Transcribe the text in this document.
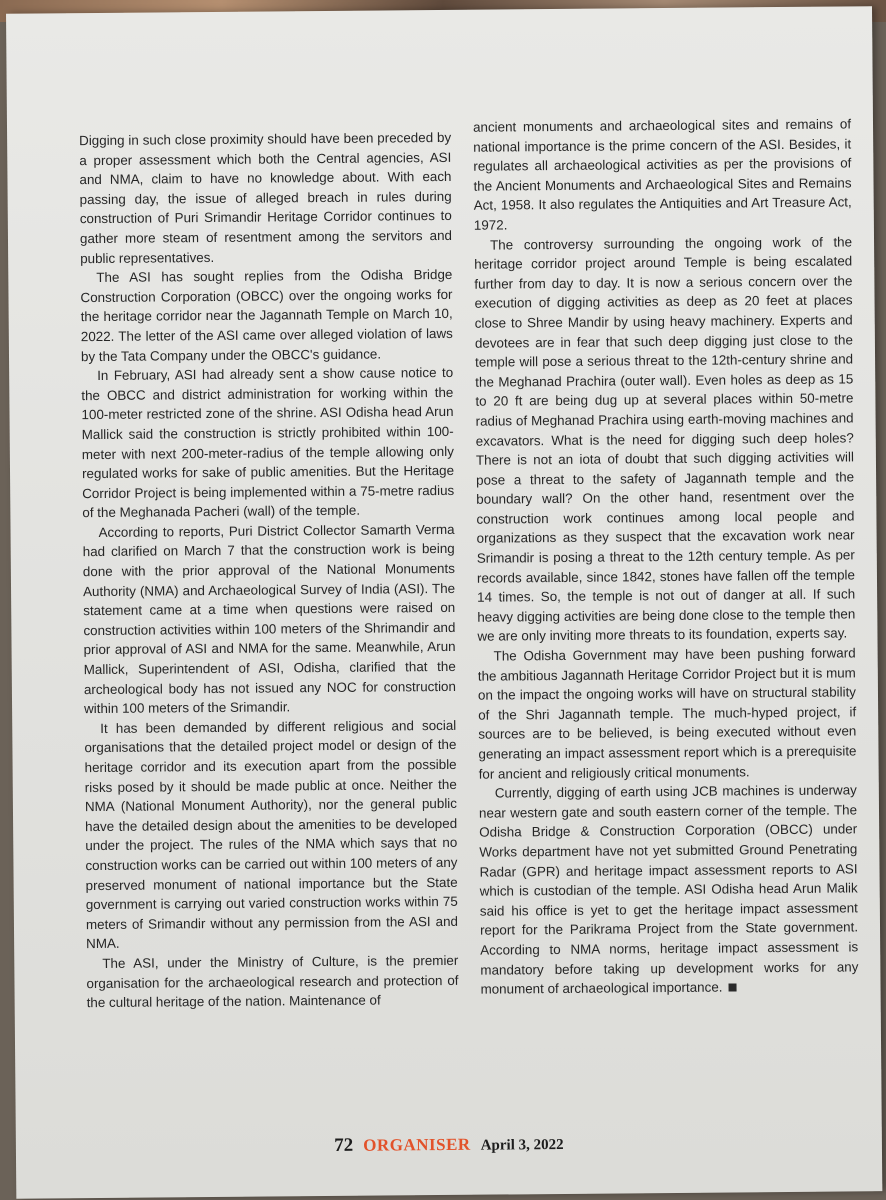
Digging in such close proximity should have been preceded by a proper assessment which both the Central agencies, ASI and NMA, claim to have no knowledge about. With each passing day, the issue of alleged breach in rules during construction of Puri Srimandir Heritage Corridor continues to gather more steam of resentment among the servitors and public representatives.

The ASI has sought replies from the Odisha Bridge Construction Corporation (OBCC) over the ongoing works for the heritage corridor near the Jagannath Temple on March 10, 2022. The letter of the ASI came over alleged violation of laws by the Tata Company under the OBCC's guidance.

In February, ASI had already sent a show cause notice to the OBCC and district administration for working within the 100-meter restricted zone of the shrine. ASI Odisha head Arun Mallick said the construction is strictly prohibited within 100-meter with next 200-meter-radius of the temple allowing only regulated works for sake of public amenities. But the Heritage Corridor Project is being implemented within a 75-metre radius of the Meghanada Pacheri (wall) of the temple.

According to reports, Puri District Collector Samarth Verma had clarified on March 7 that the construction work is being done with the prior approval of the National Monuments Authority (NMA) and Archaeological Survey of India (ASI). The statement came at a time when questions were raised on construction activities within 100 meters of the Shrimandir and prior approval of ASI and NMA for the same. Meanwhile, Arun Mallick, Superintendent of ASI, Odisha, clarified that the archeological body has not issued any NOC for construction within 100 meters of the Srimandir.

It has been demanded by different religious and social organisations that the detailed project model or design of the heritage corridor and its execution apart from the possible risks posed by it should be made public at once. Neither the NMA (National Monument Authority), nor the general public have the detailed design about the amenities to be developed under the project. The rules of the NMA which says that no construction works can be carried out within 100 meters of any preserved monument of national importance but the State government is carrying out varied construction works within 75 meters of Srimandir without any permission from the ASI and NMA.

The ASI, under the Ministry of Culture, is the premier organisation for the archaeological research and protection of the cultural heritage of the nation. Maintenance of

ancient monuments and archaeological sites and remains of national importance is the prime concern of the ASI. Besides, it regulates all archaeological activities as per the provisions of the Ancient Monuments and Archaeological Sites and Remains Act, 1958. It also regulates the Antiquities and Art Treasure Act, 1972.

The controversy surrounding the ongoing work of the heritage corridor project around Temple is being escalated further from day to day. It is now a serious concern over the execution of digging activities as deep as 20 feet at places close to Shree Mandir by using heavy machinery. Experts and devotees are in fear that such deep digging just close to the temple will pose a serious threat to the 12th-century shrine and the Meghanad Prachira (outer wall). Even holes as deep as 15 to 20 ft are being dug up at several places within 50-metre radius of Meghanad Prachira using earth-moving machines and excavators. What is the need for digging such deep holes? There is not an iota of doubt that such digging activities will pose a threat to the safety of Jagannath temple and the boundary wall? On the other hand, resentment over the construction work continues among local people and organizations as they suspect that the excavation work near Srimandir is posing a threat to the 12th century temple. As per records available, since 1842, stones have fallen off the temple 14 times. So, the temple is not out of danger at all. If such heavy digging activities are being done close to the temple then we are only inviting more threats to its foundation, experts say.

The Odisha Government may have been pushing forward the ambitious Jagannath Heritage Corridor Project but it is mum on the impact the ongoing works will have on structural stability of the Shri Jagannath temple. The much-hyped project, if sources are to be believed, is being executed without even generating an impact assessment report which is a prerequisite for ancient and religiously critical monuments.

Currently, digging of earth using JCB machines is underway near western gate and south eastern corner of the temple. The Odisha Bridge & Construction Corporation (OBCC) under Works department have not yet submitted Ground Penetrating Radar (GPR) and heritage impact assessment reports to ASI which is custodian of the temple. ASI Odisha head Arun Malik said his office is yet to get the heritage impact assessment report for the Parikrama Project from the State government. According to NMA norms, heritage impact assessment is mandatory before taking up development works for any monument of archaeological importance.

72 ORGANISER April 3, 2022
